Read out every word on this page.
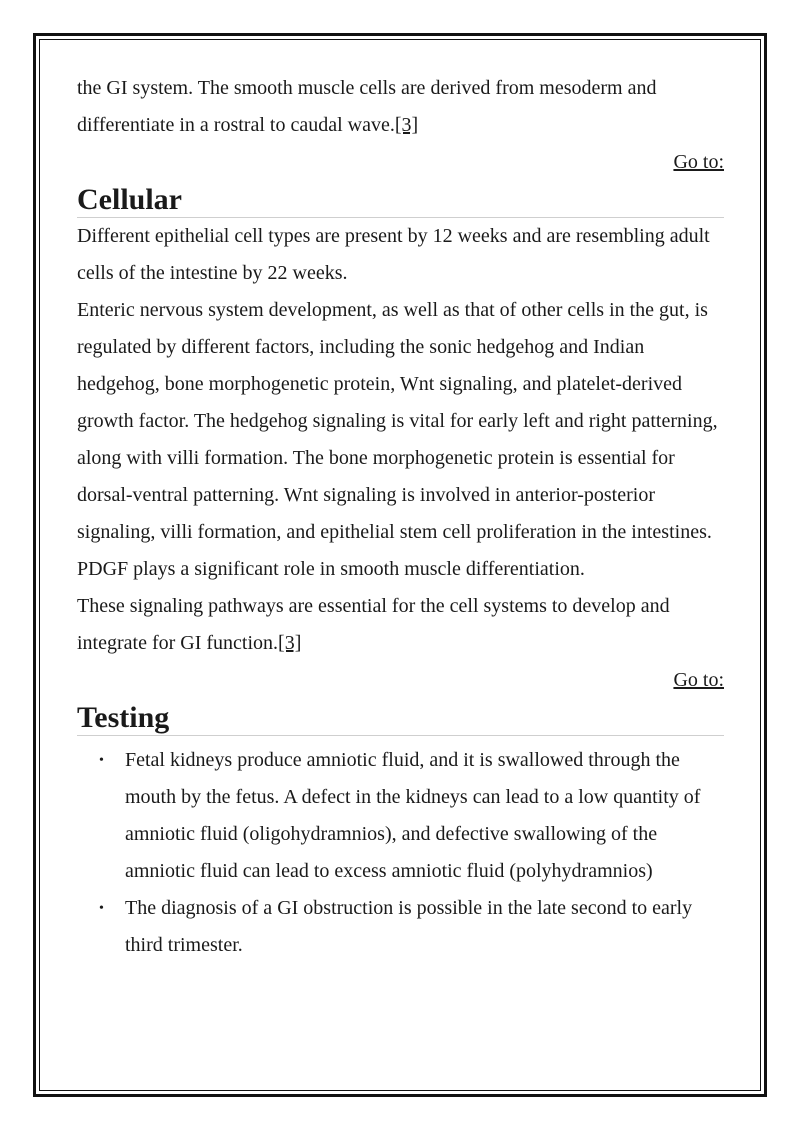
the GI system. The smooth muscle cells are derived from mesoderm and differentiate in a rostral to caudal wave.[3]

Go to:
Cellular

Different epithelial cell types are present by 12 weeks and are resembling adult cells of the intestine by 22 weeks.

Enteric nervous system development, as well as that of other cells in the gut, is regulated by different factors, including the sonic hedgehog and Indian hedgehog, bone morphogenetic protein, Wnt signaling, and platelet-derived growth factor. The hedgehog signaling is vital for early left and right patterning, along with villi formation. The bone morphogenetic protein is essential for dorsal-ventral patterning. Wnt signaling is involved in anterior-posterior signaling, villi formation, and epithelial stem cell proliferation in the intestines. PDGF plays a significant role in smooth muscle differentiation.

These signaling pathways are essential for the cell systems to develop and integrate for GI function.[3]

Go to:
Testing
• Fetal kidneys produce amniotic fluid, and it is swallowed through the mouth by the fetus. A defect in the kidneys can lead to a low quantity of amniotic fluid (oligohydramnios), and defective swallowing of the amniotic fluid can lead to excess amniotic fluid (polyhydramnios)
• The diagnosis of a GI obstruction is possible in the late second to early third trimester.
